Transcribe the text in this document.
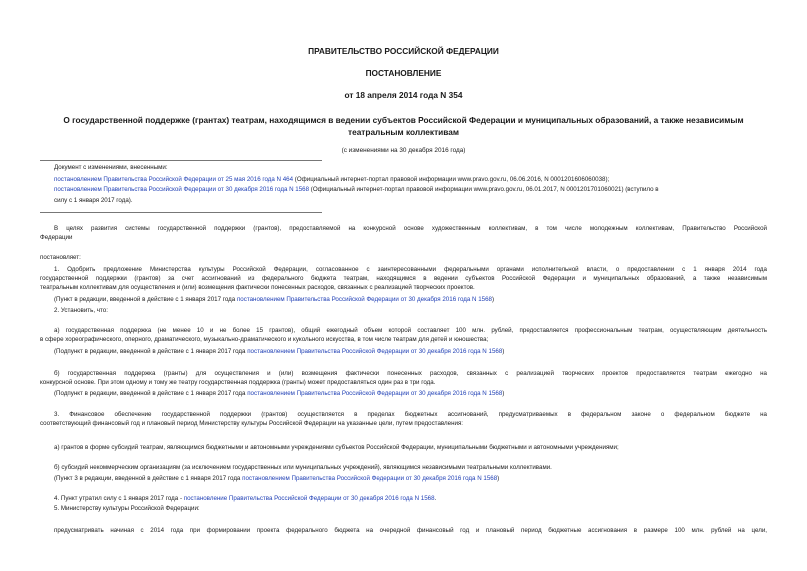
ПРАВИТЕЛЬСТВО РОССИЙСКОЙ ФЕДЕРАЦИИ
ПОСТАНОВЛЕНИЕ
от 18 апреля 2014 года N 354
О государственной поддержке (грантах) театрам, находящимся в ведении субъектов Российской Федерации и муниципальных образований, а также независимым
театральным коллективам
(с изменениями на 30 декабря 2016 года)
Документ с изменениями, внесенными:
постановлением Правительства Российской Федерации от 25 мая 2016 года N 464 (Официальный интернет-портал правовой информации www.pravo.gov.ru, 06.06.2016, N 0001201606060038);
постановлением Правительства Российской Федерации от 30 декабря 2016 года N 1568 (Официальный интернет-портал правовой информации www.pravo.gov.ru, 06.01.2017, N 0001201701060021) (вступило в
силу с 1 января 2017 года).
В целях развития системы государственной поддержки (грантов), предоставляемой на конкурсной основе художественным коллективам, в том числе молодежным коллективам, Правительство Российской
Федерации
постановляет:
1. Одобрить предложение Министерства культуры Российской Федерации, согласованное с заинтересованными федеральными органами исполнительной власти, о предоставлении с 1 января 2014 года
государственной поддержки (грантов) за счет ассигнований из федерального бюджета театрам, находящимся в ведении субъектов Российской Федерации и муниципальных образований, а также независимым
театральным коллективам для осуществления и (или) возмещения фактически понесенных расходов, связанных с реализацией творческих проектов.
(Пункт в редакции, введенной в действие с 1 января 2017 года постановлением Правительства Российской Федерации от 30 декабря 2016 года N 1568)
2. Установить, что:
а) государственная поддержка (не менее 10 и не более 15 грантов), общий ежегодный объем которой составляет 100 млн. рублей, предоставляется профессиональным театрам, осуществляющим деятельность
в сфере хореографического, оперного, драматического, музыкально-драматического и кукольного искусства, в том числе театрам для детей и юношества;
(Подпункт в редакции, введенной в действие с 1 января 2017 года постановлением Правительства Российской Федерации от 30 декабря 2016 года N 1568)
б) государственная поддержка (гранты) для осуществления и (или) возмещения фактически понесенных расходов, связанных с реализацией творческих проектов предоставляется театрам ежегодно на
конкурсной основе. При этом одному и тому же театру государственная поддержка (гранты) может предоставляться один раз в три года.
(Подпункт в редакции, введенной в действие с 1 января 2017 года постановлением Правительства Российской Федерации от 30 декабря 2016 года N 1568)
3. Финансовое обеспечение государственной поддержки (грантов) осуществляется в пределах бюджетных ассигнований, предусматриваемых в федеральном законе о федеральном бюджете на
соответствующий финансовый год и плановый период Министерству культуры Российской Федерации на указанные цели, путем предоставления:
а) грантов в форме субсидий театрам, являющимся бюджетными и автономными учреждениями субъектов Российской Федерации, муниципальными бюджетными и автономными учреждениями;
б) субсидий некоммерческим организациям (за исключением государственных или муниципальных учреждений), являющимся независимыми театральными коллективами.
(Пункт 3 в редакции, введенной в действие с 1 января 2017 года постановлением Правительства Российской Федерации от 30 декабря 2016 года N 1568)
4. Пункт утратил силу с 1 января 2017 года - постановление Правительства Российской Федерации от 30 декабря 2016 года N 1568.
5. Министерству культуры Российской Федерации:
предусматривать начиная с 2014 года при формировании проекта федерального бюджета на очередной финансовый год и плановый период бюджетные ассигнования в размере 100 млн. рублей на цели,
